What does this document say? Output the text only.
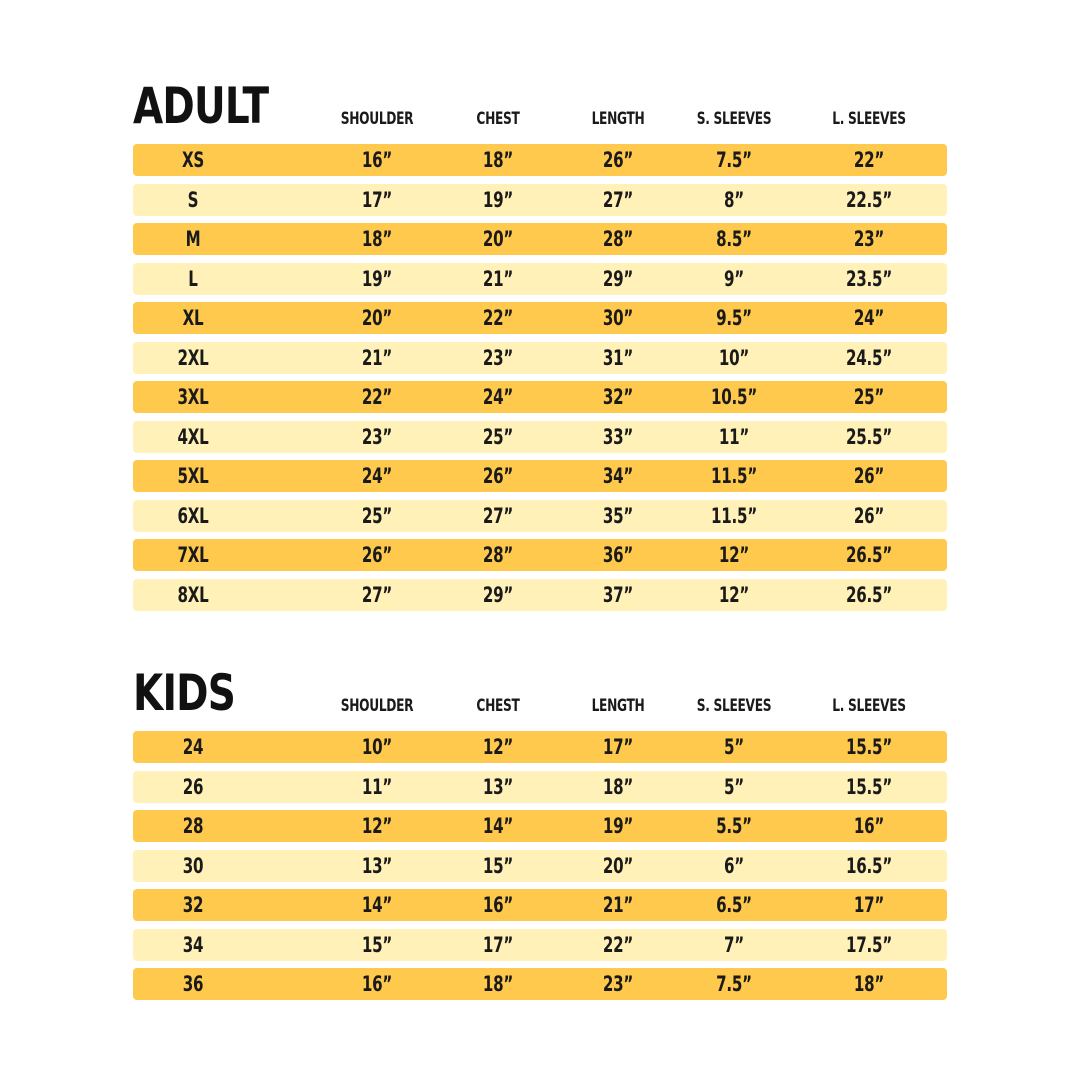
ADULT	SHOULDER	CHEST	LENGTH	S. SLEEVES	L. SLEEVES
XS	16”	18”	26”	7.5”	22”
S	17”	19”	27”	8”	22.5”
M	18”	20”	28”	8.5”	23”
L	19”	21”	29”	9”	23.5”
XL	20”	22”	30”	9.5”	24”
2XL	21”	23”	31”	10”	24.5”
3XL	22”	24”	32”	10.5”	25”
4XL	23”	25”	33”	11”	25.5”
5XL	24”	26”	34”	11.5”	26”
6XL	25”	27”	35”	11.5”	26”
7XL	26”	28”	36”	12”	26.5”
8XL	27”	29”	37”	12”	26.5”
KIDS	SHOULDER	CHEST	LENGTH	S. SLEEVES	L. SLEEVES
24	10”	12”	17”	5”	15.5”
26	11”	13”	18”	5”	15.5”
28	12”	14”	19”	5.5”	16”
30	13”	15”	20”	6”	16.5”
32	14”	16”	21”	6.5”	17”
34	15”	17”	22”	7”	17.5”
36	16”	18”	23”	7.5”	18”
